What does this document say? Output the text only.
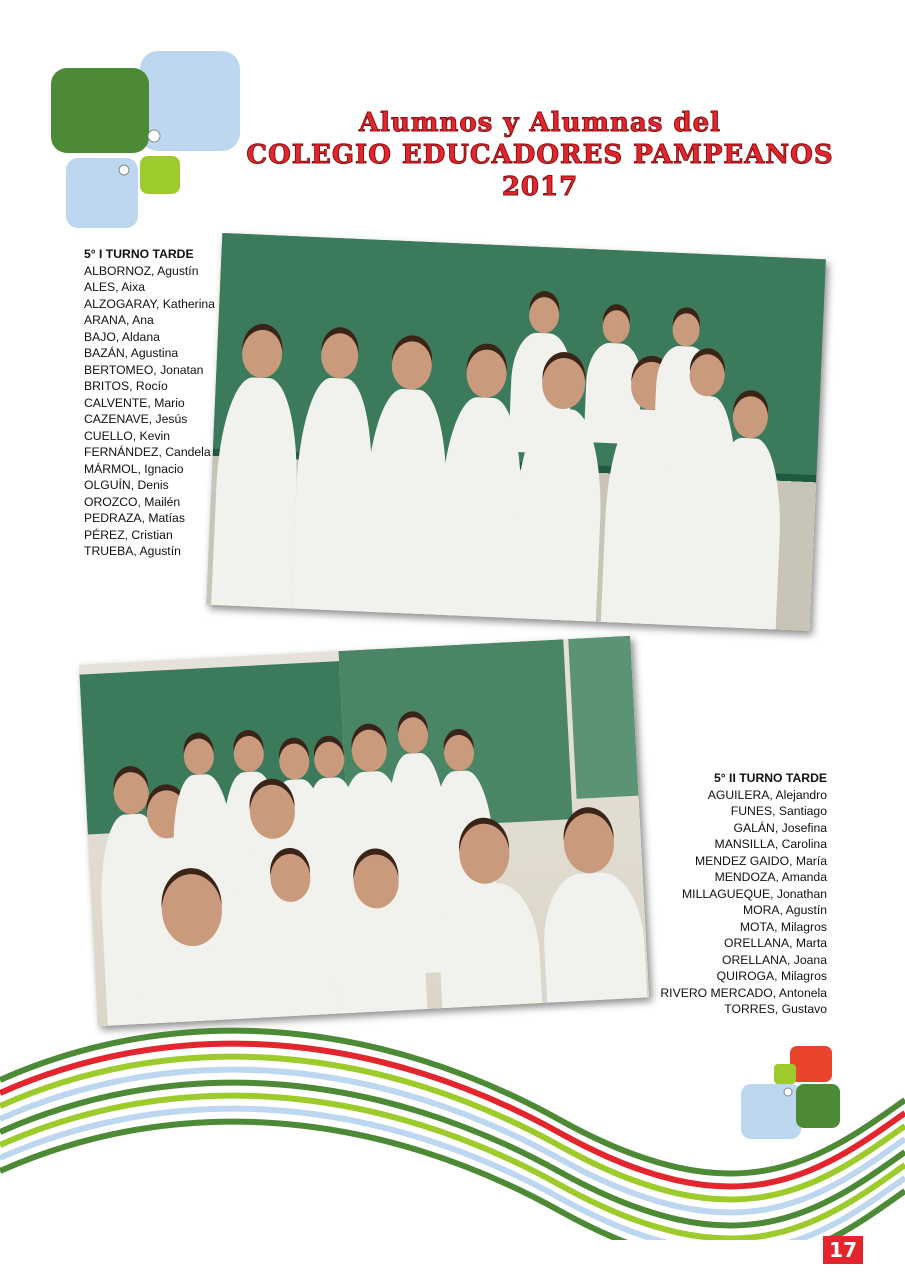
Alumnos y Alumnas del
COLEGIO EDUCADORES PAMPEANOS
2017
5° I TURNO TARDE
ALBORNOZ, Agustín
ALES, Aixa
ALZOGARAY, Katherina
ARANA, Ana
BAJO, Aldana
BAZÁN, Agustina
BERTOMEO, Jonatan
BRITOS, Rocío
CALVENTE, Mario
CAZENAVE, Jesús
CUELLO, Kevin
FERNÁNDEZ, Candela
MÁRMOL, Ignacio
OLGUÍN, Denis
OROZCO, Mailén
PEDRAZA, Matías
PÉREZ, Cristian
TRUEBA, Agustín
5° II TURNO TARDE
AGUILERA, Alejandro
FUNES, Santiago
GALÁN, Josefina
MANSILLA, Carolina
MENDEZ GAIDO, María
MENDOZA, Amanda
MILLAGUEQUE, Jonathan
MORA, Agustín
MOTA, Milagros
ORELLANA, Marta
ORELLANA, Joana
QUIROGA, Milagros
RIVERO MERCADO, Antonela
TORRES, Gustavo
17
